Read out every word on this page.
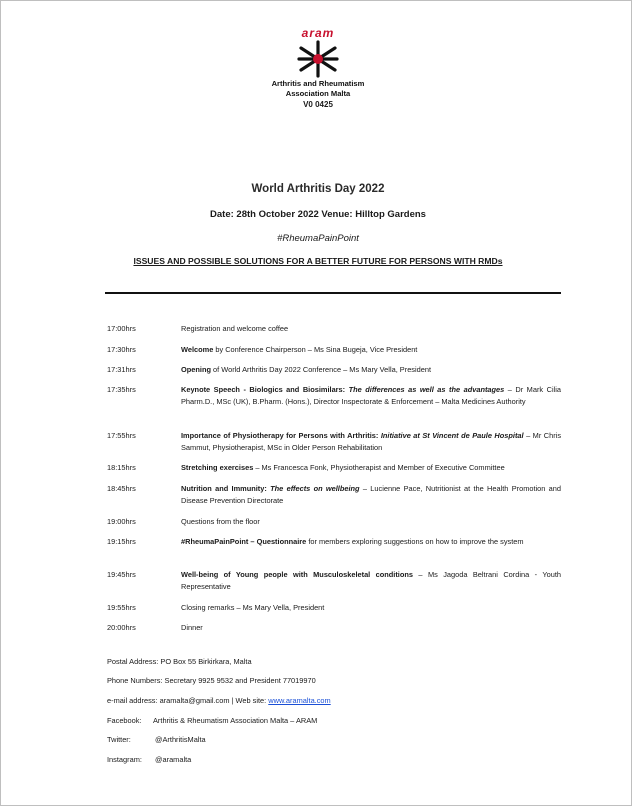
aram
Arthritis and Rheumatism
Association Malta
V0 0425
World Arthritis Day 2022
Date: 28th October 2022 Venue: Hilltop Gardens
#RheumaPainPoint
ISSUES AND POSSIBLE SOLUTIONS FOR A BETTER FUTURE FOR PERSONS WITH RMDs
17:00hrs	Registration and welcome coffee
17:30hrs	Welcome by Conference Chairperson – Ms Sina Bugeja, Vice President
17:31hrs	Opening of World Arthritis Day 2022 Conference – Ms Mary Vella, President
17:35hrs	Keynote Speech - Biologics and Biosimilars: The differences as well as the advantages – Dr Mark Cilia Pharm.D., MSc (UK), B.Pharm. (Hons.), Director Inspectorate & Enforcement – Malta Medicines Authority
17:55hrs	Importance of Physiotherapy for Persons with Arthritis: Initiative at St Vincent de Paule Hospital – Mr Chris Sammut, Physiotherapist, MSc in Older Person Rehabilitation
18:15hrs	Stretching exercises – Ms Francesca Fonk, Physiotherapist and Member of Executive Committee
18:45hrs	Nutrition and Immunity: The effects on wellbeing – Lucienne Pace, Nutritionist at the Health Promotion and Disease Prevention Directorate
19:00hrs	Questions from the floor
19:15hrs	#RheumaPainPoint – Questionnaire for members exploring suggestions on how to improve the system
19:45hrs	Well-being of Young people with Musculoskeletal conditions – Ms Jagoda Beltrani Cordina - Youth Representative
19:55hrs	Closing remarks – Ms Mary Vella, President
20:00hrs	Dinner
Postal Address: PO Box 55 Birkirkara, Malta
Phone Numbers: Secretary 9925 9532 and President 77019970
e-mail address: aramalta@gmail.com | Web site: www.aramalta.com
Facebook: Arthritis & Rheumatism Association Malta – ARAM
Twitter:	@ArthritisMalta
Instagram: @aramalta
